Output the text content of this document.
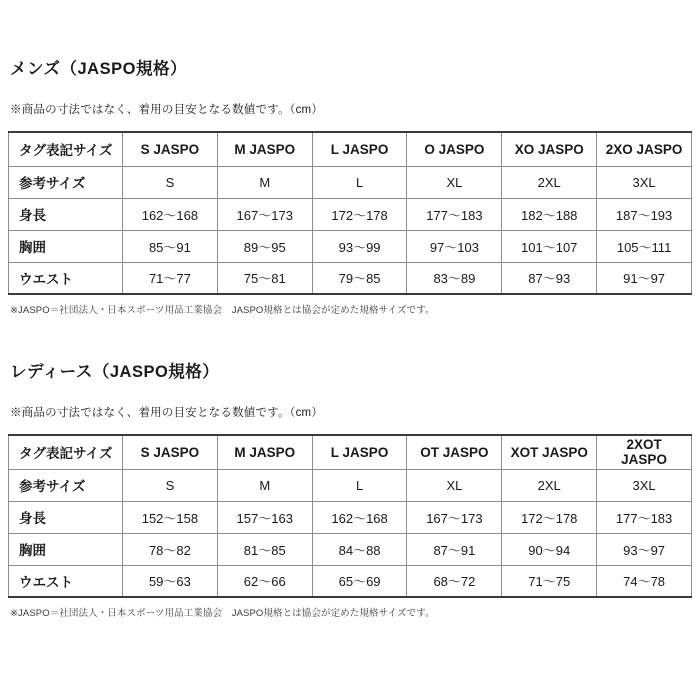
メンズ（JASPO規格）

※商品の寸法ではなく、着用の目安となる数値です。（cm）

タグ表記サイズ	S JASPO	M JASPO	L JASPO	O JASPO	XO JASPO	2XO JASPO
参考サイズ	S	M	L	XL	2XL	3XL
身長	162〜168	167〜173	172〜178	177〜183	182〜188	187〜193
胸囲	85〜91	89〜95	93〜99	97〜103	101〜107	105〜111
ウエスト	71〜77	75〜81	79〜85	83〜89	87〜93	91〜97
※JASPO＝社団法人・日本スポーツ用品工業協会　JASPO規格とは協会が定めた規格サイズです。
レディース（JASPO規格）

※商品の寸法ではなく、着用の目安となる数値です。（cm）

タグ表記サイズ	S JASPO	M JASPO	L JASPO	OT JASPO	XOT JASPO	2XOT JASPO
参考サイズ	S	M	L	XL	2XL	3XL
身長	152〜158	157〜163	162〜168	167〜173	172〜178	177〜183
胸囲	78〜82	81〜85	84〜88	87〜91	90〜94	93〜97
ウエスト	59〜63	62〜66	65〜69	68〜72	71〜75	74〜78
※JASPO＝社団法人・日本スポーツ用品工業協会　JASPO規格とは協会が定めた規格サイズです。
